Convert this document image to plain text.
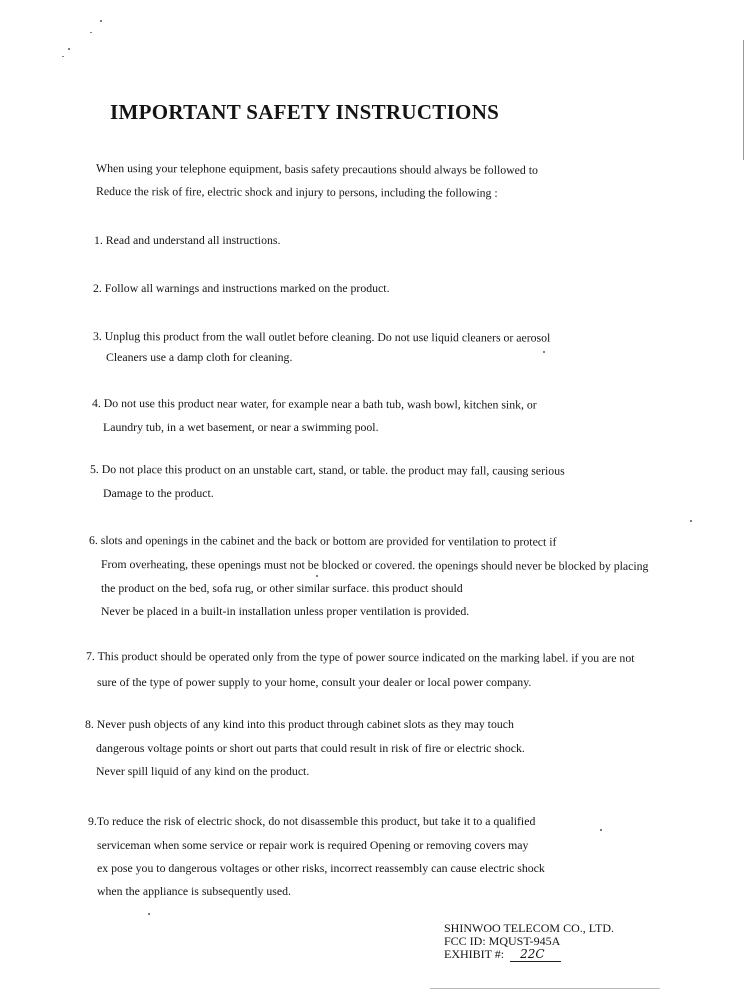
IMPORTANT SAFETY INSTRUCTIONS
When using your telephone equipment, basis safety precautions should always be followed to
Reduce the risk of fire, electric shock and injury to persons, including the following :
1. Read and understand all instructions.
2. Follow all warnings and instructions marked on the product.
3. Unplug this product from the wall outlet before cleaning. Do not use liquid cleaners or aerosol
Cleaners use a damp cloth for cleaning.
4. Do not use this product near water, for example near a bath tub, wash bowl, kitchen sink, or
Laundry tub, in a wet basement, or near a swimming pool.
5. Do not place this product on an unstable cart, stand, or table. the product may fall, causing serious
Damage to the product.
6. slots and openings in the cabinet and the back or bottom are provided for ventilation to protect if
From overheating, these openings must not be blocked or covered. the openings should never be blocked by placing
the product on the bed, sofa rug, or other similar surface. this product should
Never be placed in a built-in installation unless proper ventilation is provided.
7. This product should be operated only from the type of power source indicated on the marking label. if you are not
sure of the type of power supply to your home, consult your dealer or local power company.
8. Never push objects of any kind into this product through cabinet slots as they may touch
dangerous voltage points or short out parts that could result in risk of fire or electric shock.
Never spill liquid of any kind on the product.
9.To reduce the risk of electric shock, do not disassemble this product, but take it to a qualified
serviceman when some service or repair work is required Opening or removing covers may
ex pose you to dangerous voltages or other risks, incorrect reassembly can cause electric shock
when the appliance is subsequently used.
SHINWOO TELECOM CO., LTD.
FCC ID: MQUST-945A
EXHIBIT #: 22C
